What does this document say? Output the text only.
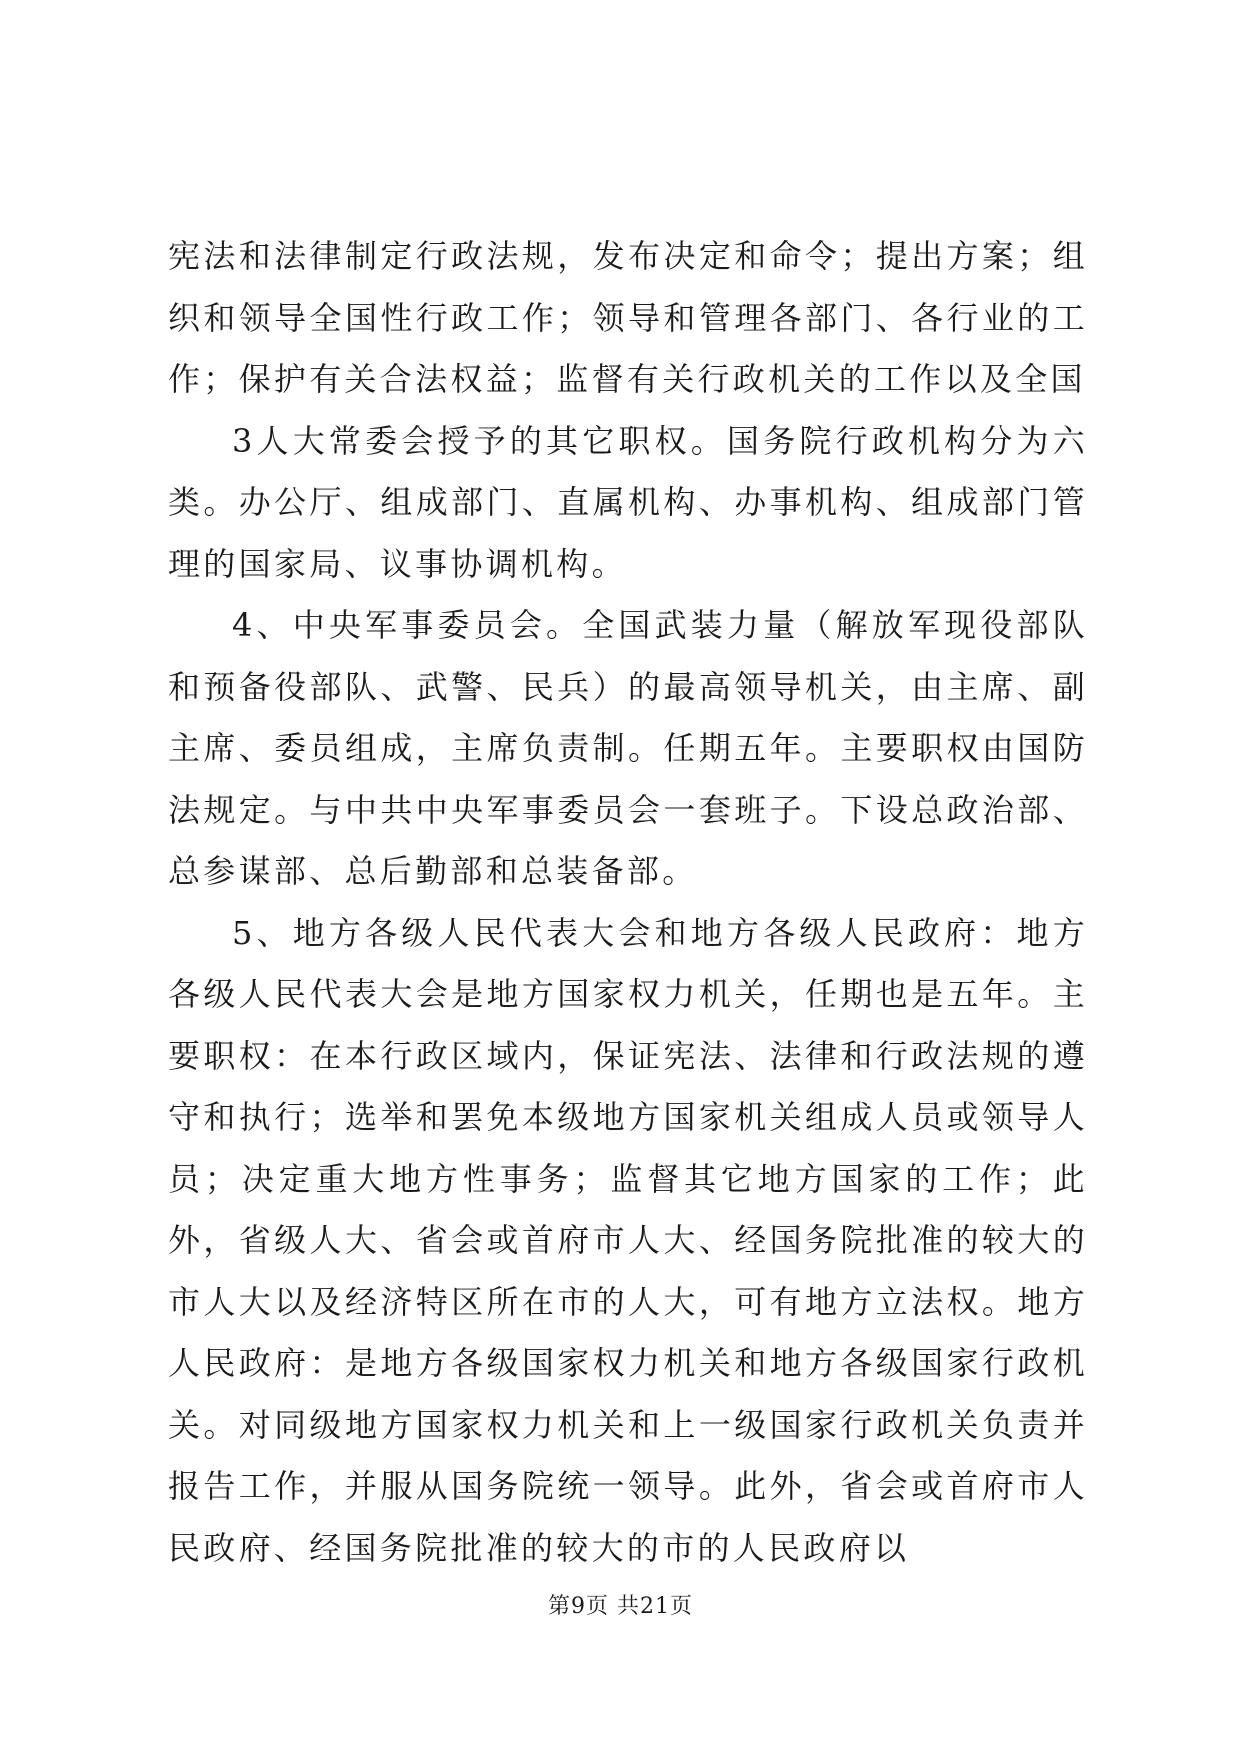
宪法和法律制定行政法规，发布决定和命令；提出方案；组织和领导全国性行政工作；领导和管理各部门、各行业的工作；保护有关合法权益；监督有关行政机关的工作以及全国

3人大常委会授予的其它职权。国务院行政机构分为六类。办公厅、组成部门、直属机构、办事机构、组成部门管理的国家局、议事协调机构。

4、中央军事委员会。全国武装力量（解放军现役部队和预备役部队、武警、民兵）的最高领导机关，由主席、副主席、委员组成，主席负责制。任期五年。主要职权由国防法规定。与中共中央军事委员会一套班子。下设总政治部、总参谋部、总后勤部和总装备部。

5、地方各级人民代表大会和地方各级人民政府：地方各级人民代表大会是地方国家权力机关，任期也是五年。主要职权：在本行政区域内，保证宪法、法律和行政法规的遵守和执行；选举和罢免本级地方国家机关组成人员或领导人员；决定重大地方性事务；监督其它地方国家的工作；此外，省级人大、省会或首府市人大、经国务院批准的较大的市人大以及经济特区所在市的人大，可有地方立法权。地方人民政府：是地方各级国家权力机关和地方各级国家行政机关。对同级地方国家权力机关和上一级国家行政机关负责并报告工作，并服从国务院统一领导。此外，省会或首府市人民政府、经国务院批准的较大的市的人民政府以

第9页 共21页
